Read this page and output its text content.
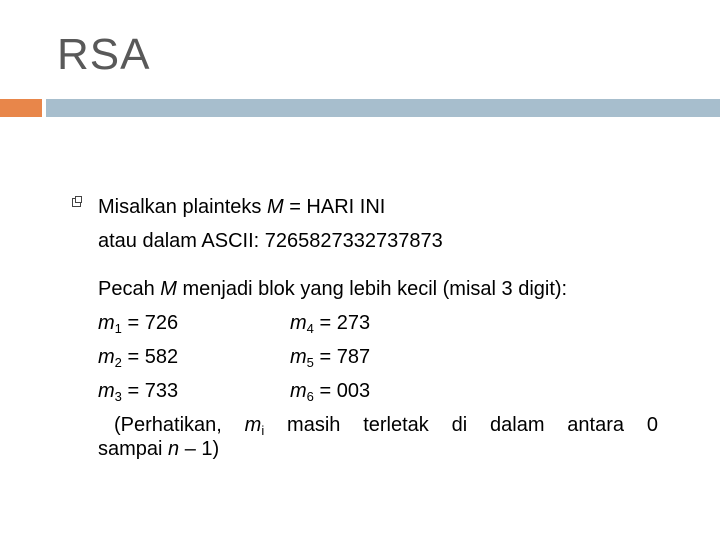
RSA
Misalkan plainteks M = HARI INI
atau dalam ASCII: 7265827332737873
Pecah M menjadi blok yang lebih kecil (misal 3 digit):
$m_1 = 726$	$m_4 = 273$
$m_2 = 582$	$m_5 = 787$
$m_3 = 733$	$m_6 = 003$
(Perhatikan, $m_i$ masih terletak di dalam antara 0
sampai n – 1)
